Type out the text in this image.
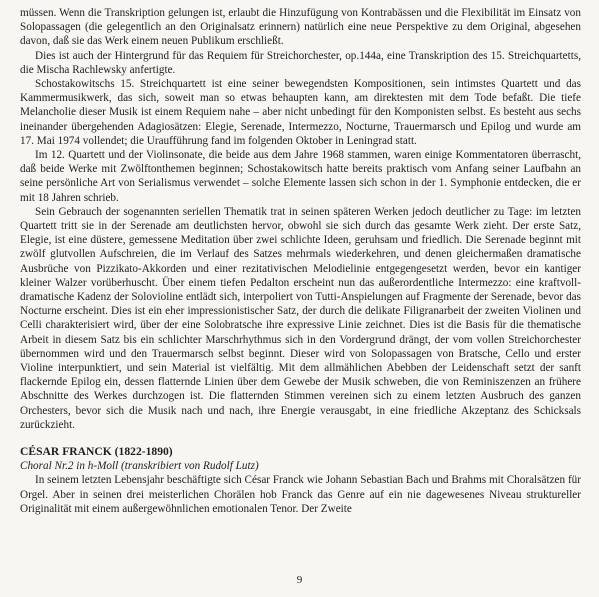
müssen. Wenn die Transkription gelungen ist, erlaubt die Hinzufügung von Kontrabässen und die Flexibilität im Einsatz von Solopassagen (die gelegentlich an den Originalsatz erinnern) natürlich eine neue Perspektive zu dem Original, abgesehen davon, daß sie das Werk einem neuen Publikum erschließt.

Dies ist auch der Hintergrund für das Requiem für Streichorchester, op.144a, eine Transkription des 15. Streichquartetts, die Mischa Rachlewsky anfertigte.

Schostakowitschs 15. Streichquartett ist eine seiner bewegendsten Kompositionen, sein intimstes Quartett und das Kammermusikwerk, das sich, soweit man so etwas behaupten kann, am direktesten mit dem Tode befaßt. Die tiefe Melancholie dieser Musik ist einem Requiem nahe – aber nicht unbedingt für den Komponisten selbst. Es besteht aus sechs ineinander übergehenden Adagiosätzen: Elegie, Serenade, Intermezzo, Nocturne, Trauermarsch und Epilog und wurde am 17. Mai 1974 vollendet; die Uraufführung fand im folgenden Oktober in Leningrad statt.

Im 12. Quartett und der Violinsonate, die beide aus dem Jahre 1968 stammen, waren einige Kommentatoren überrascht, daß beide Werke mit Zwölftonthemen beginnen; Schostakowitsch hatte bereits praktisch vom Anfang seiner Laufbahn an seine persönliche Art von Serialismus verwendet – solche Elemente lassen sich schon in der 1. Symphonie entdecken, die er mit 18 Jahren schrieb.

Sein Gebrauch der sogenannten seriellen Thematik trat in seinen späteren Werken jedoch deutlicher zu Tage: im letzten Quartett tritt sie in der Serenade am deutlichsten hervor, obwohl sie sich durch das gesamte Werk zieht. Der erste Satz, Elegie, ist eine düstere, gemessene Meditation über zwei schlichte Ideen, geruhsam und friedlich. Die Serenade beginnt mit zwölf glutvollen Aufschreien, die im Verlauf des Satzes mehrmals wiederkehren, und denen gleichermaßen dramatische Ausbrüche von Pizzikato-Akkorden und einer rezitativischen Melodielinie entgegengesetzt werden, bevor ein kantiger kleiner Walzer vorüberhuscht. Über einem tiefen Pedalton erscheint nun das außerordentliche Intermezzo: eine kraftvoll-dramatische Kadenz der Solovioline entlädt sich, interpoliert von Tutti-Anspielungen auf Fragmente der Serenade, bevor das Nocturne erscheint. Dies ist ein eher impressionistischer Satz, der durch die delikate Filigranarbeit der zweiten Violinen und Celli charakterisiert wird, über der eine Solobratsche ihre expressive Linie zeichnet. Dies ist die Basis für die thematische Arbeit in diesem Satz bis ein schlichter Marschrhythmus sich in den Vordergrund drängt, der vom vollen Streichorchester übernommen wird und den Trauermarsch selbst beginnt. Dieser wird von Solopassagen von Bratsche, Cello und erster Violine interpunktiert, und sein Material ist vielfältig. Mit dem allmählichen Abebben der Leidenschaft setzt der sanft flackernde Epilog ein, dessen flatternde Linien über dem Gewebe der Musik schweben, die von Reminiszenzen an frühere Abschnitte des Werkes durchzogen ist. Die flatternden Stimmen vereinen sich zu einem letzten Ausbruch des ganzen Orchesters, bevor sich die Musik nach und nach, ihre Energie verausgabt, in eine friedliche Akzeptanz des Schicksals zurückzieht.

CÉSAR FRANCK (1822-1890)

Choral Nr.2 in h-Moll (transkribiert von Rudolf Lutz)

In seinem letzten Lebensjahr beschäftigte sich César Franck wie Johann Sebastian Bach und Brahms mit Choralsätzen für Orgel. Aber in seinen drei meisterlichen Chorälen hob Franck das Genre auf ein nie dagewesenes Niveau struktureller Originalität mit einem außergewöhnlichen emotionalen Tenor. Der Zweite

9
